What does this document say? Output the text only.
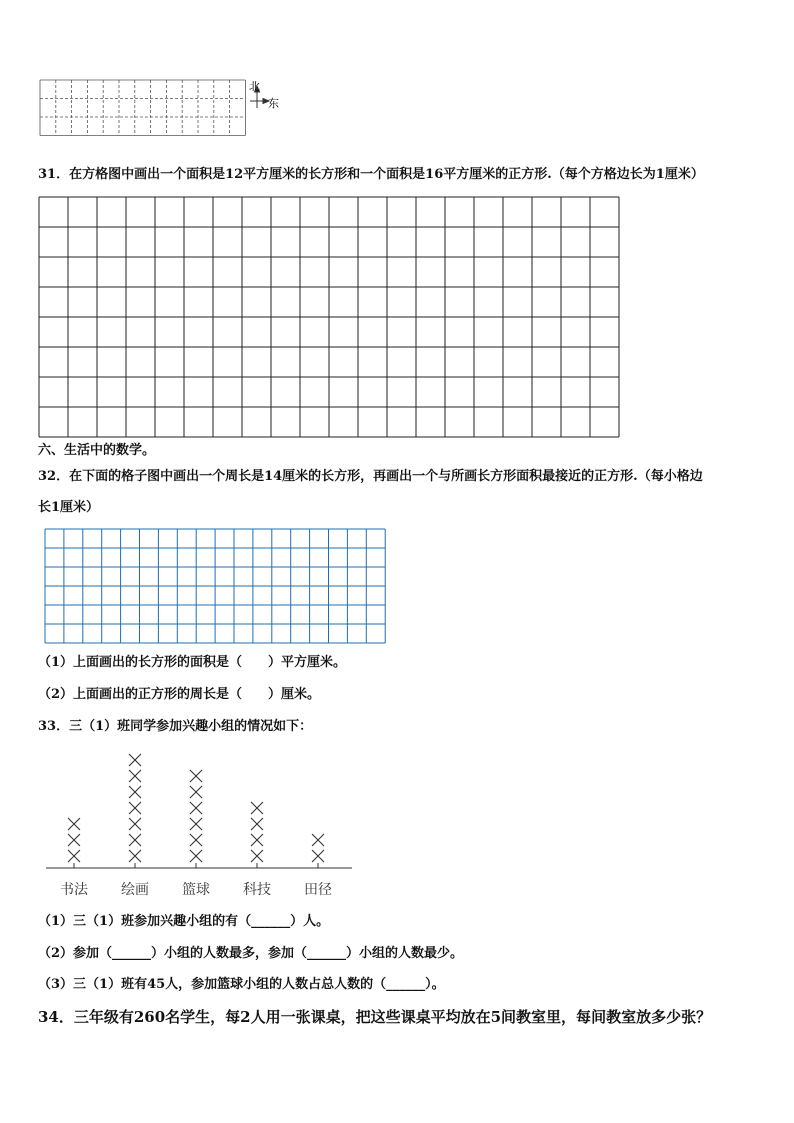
北
东
31．在方格图中画出一个面积是12平方厘米的长方形和一个面积是16平方厘米的正方形.（每个方格边长为1厘米）
六、生活中的数学。
32．在下面的格子图中画出一个周长是14厘米的长方形，再画出一个与所画长方形面积最接近的正方形.（每小格边
长1厘米）
（1）上面画出的长方形的面积是（　　）平方厘米。
（2）上面画出的正方形的周长是（　　）厘米。
33．三（1）班同学参加兴趣小组的情况如下：
书法 绘画 篮球 科技 田径
（1）三（1）班参加兴趣小组的有（______）人。
（2）参加（______）小组的人数最多，参加（______）小组的人数最少。
（3）三（1）班有45人，参加篮球小组的人数占总人数的（______）。
34．三年级有260名学生，每2人用一张课桌，把这些课桌平均放在5间教室里，每间教室放多少张？
